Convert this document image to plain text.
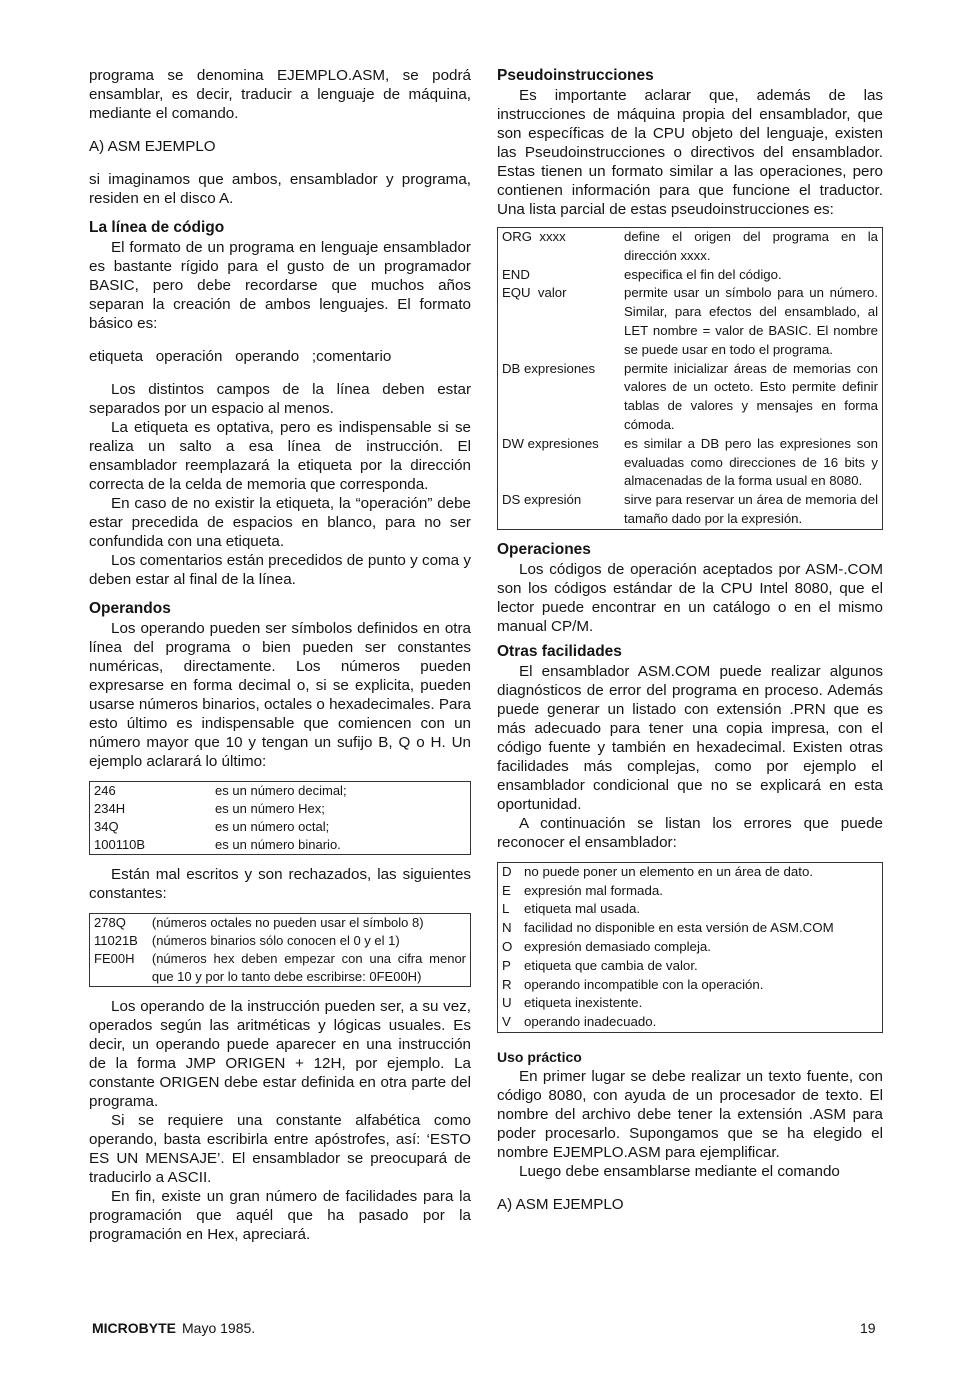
programa se denomina EJEMPLO.ASM, se podrá ensamblar, es decir, traducir a lenguaje de máquina, mediante el comando.

A) ASM EJEMPLO

si imaginamos que ambos, ensamblador y programa, residen en el disco A.

La línea de código

El formato de un programa en lenguaje ensamblador es bastante rígido para el gusto de un programador BASIC, pero debe recordarse que muchos años separan la creación de ambos lenguajes. El formato básico es:

etiqueta   operación   operando   ;comentario

Los distintos campos de la línea deben estar separados por un espacio al menos.

La etiqueta es optativa, pero es indispensable si se realiza un salto a esa línea de instrucción. El ensamblador reemplazará la etiqueta por la dirección correcta de la celda de memoria que corresponda.

En caso de no existir la etiqueta, la “operación” debe estar precedida de espacios en blanco, para no ser confundida con una etiqueta.

Los comentarios están precedidos de punto y coma y deben estar al final de la línea.

Operandos

Los operando pueden ser símbolos definidos en otra línea del programa o bien pueden ser constantes numéricas, directamente. Los números pueden expresarse en forma decimal o, si se explicita, pueden usarse números binarios, octales o hexadecimales. Para esto último es indispensable que comiencen con un número mayor que 10 y tengan un sufijo B, Q o H. Un ejemplo aclarará lo último:

246	es un número decimal;
234H	es un número Hex;
34Q	es un número octal;
100110B	es un número binario.

Están mal escritos y son rechazados, las siguientes constantes:

278Q	(números octales no pueden usar el símbolo 8)
11021B	(números binarios sólo conocen el 0 y el 1)
FE00H	(números hex deben empezar con una cifra menor que 10 y por lo tanto debe escribirse: 0FE00H)

Los operando de la instrucción pueden ser, a su vez, operados según las aritméticas y lógicas usuales. Es decir, un operando puede aparecer en una instrucción de la forma JMP ORIGEN + 12H, por ejemplo. La constante ORIGEN debe estar definida en otra parte del programa.

Si se requiere una constante alfabética como operando, basta escribirla entre apóstrofes, así: ‘ESTO ES UN MENSAJE’. El ensamblador se preocupará de traducirlo a ASCII.

En fin, existe un gran número de facilidades para la programación que aquél que ha pasado por la programación en Hex, apreciará.

Pseudoinstrucciones

Es importante aclarar que, además de las instrucciones de máquina propia del ensamblador, que son específicas de la CPU objeto del lenguaje, existen las Pseudoinstrucciones o directivos del ensamblador. Estas tienen un formato similar a las operaciones, pero contienen información para que funcione el traductor. Una lista parcial de estas pseudoinstrucciones es:

ORG  xxxx	define el origen del programa en la dirección xxxx.
END	especifica el fin del código.
EQU  valor	permite usar un símbolo para un número. Similar, para efectos del ensamblado, al LET nombre = valor de BASIC. El nombre se puede usar en todo el programa.
DB expresiones	permite inicializar áreas de memorias con valores de un octeto. Esto permite definir tablas de valores y mensajes en forma cómoda.
DW expresiones	es similar a DB pero las expresiones son evaluadas como direcciones de 16 bits y almacenadas de la forma usual en 8080.
DS expresión	sirve para reservar un área de memoria del tamaño dado por la expresión.
Operaciones

Los códigos de operación aceptados por ASM-.COM son los códigos estándar de la CPU Intel 8080, que el lector puede encontrar en un catálogo o en el mismo manual CP/M.

Otras facilidades

El ensamblador ASM.COM puede realizar algunos diagnósticos de error del programa en proceso. Además puede generar un listado con extensión .PRN que es más adecuado para tener una copia impresa, con el código fuente y también en hexadecimal. Existen otras facilidades más complejas, como por ejemplo el ensamblador condicional que no se explicará en esta oportunidad.

A continuación se listan los errores que puede reconocer el ensamblador:

D	no puede poner un elemento en un área de dato.
E	expresión mal formada.
L	etiqueta mal usada.
N	facilidad no disponible en esta versión de ASM.COM
O	expresión demasiado compleja.
P	etiqueta que cambia de valor.
R	operando incompatible con la operación.
U	etiqueta inexistente.
V	operando inadecuado.
Uso práctico

En primer lugar se debe realizar un texto fuente, con código 8080, con ayuda de un procesador de texto. El nombre del archivo debe tener la extensión .ASM para poder procesarlo. Supongamos que se ha elegido el nombre EJEMPLO.ASM para ejemplificar.

Luego debe ensamblarse mediante el comando

A) ASM EJEMPLO
MICROBYTE Mayo 1985.	19
